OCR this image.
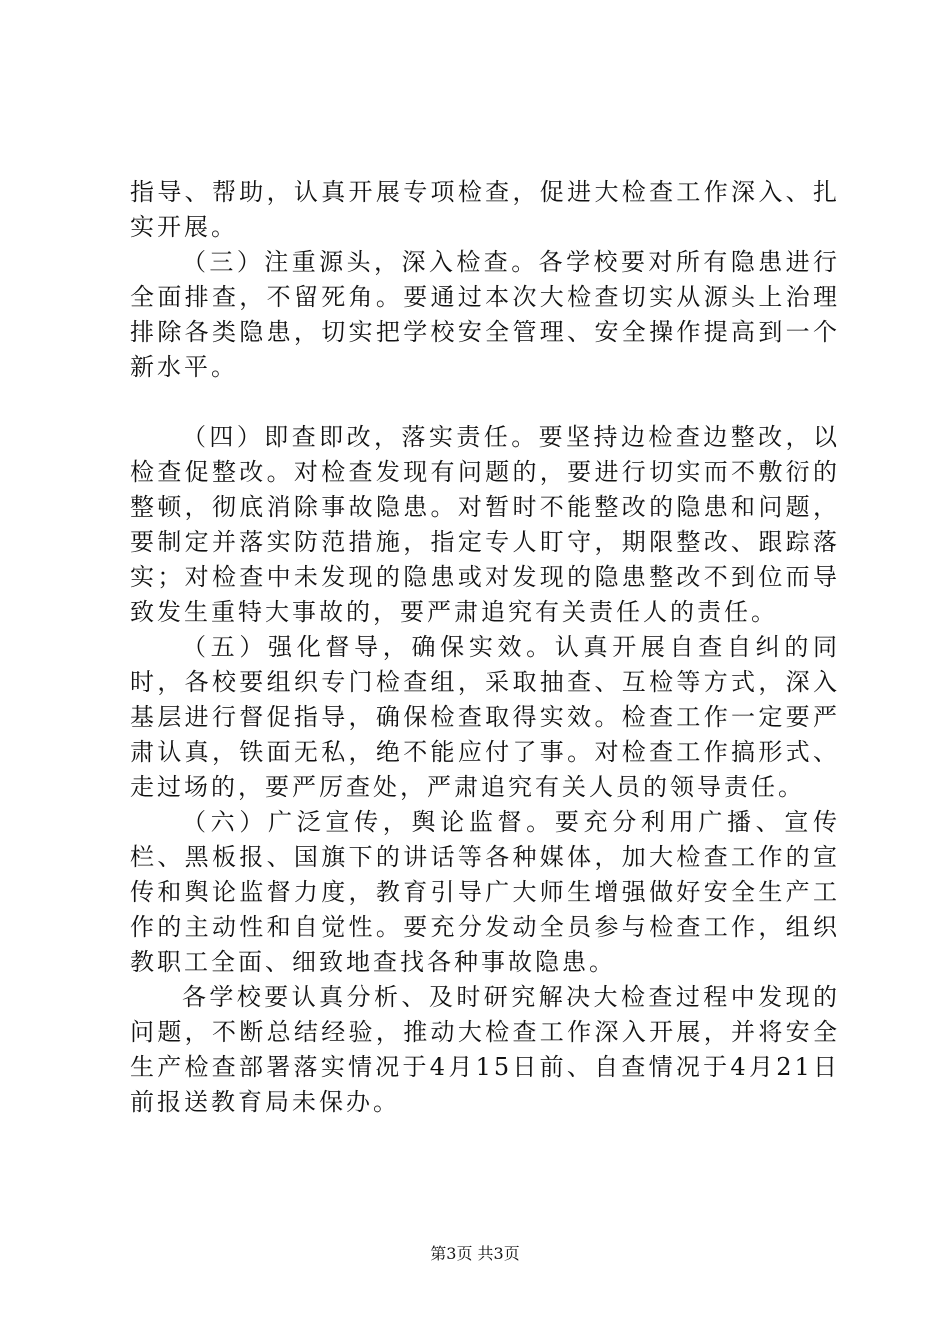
指导、帮助，认真开展专项检查，促进大检查工作深入、扎实开展。

（三）注重源头，深入检查。各学校要对所有隐患进行全面排查，不留死角。要通过本次大检查切实从源头上治理排除各类隐患，切实把学校安全管理、安全操作提高到一个新水平。

（四）即查即改，落实责任。要坚持边检查边整改，以检查促整改。对检查发现有问题的，要进行切实而不敷衍的整顿，彻底消除事故隐患。对暂时不能整改的隐患和问题，要制定并落实防范措施，指定专人盯守，期限整改、跟踪落实；对检查中未发现的隐患或对发现的隐患整改不到位而导致发生重特大事故的，要严肃追究有关责任人的责任。

（五）强化督导，确保实效。认真开展自查自纠的同时，各校要组织专门检查组，采取抽查、互检等方式，深入基层进行督促指导，确保检查取得实效。检查工作一定要严肃认真，铁面无私，绝不能应付了事。对检查工作搞形式、走过场的，要严厉查处，严肃追究有关人员的领导责任。

（六）广泛宣传，舆论监督。要充分利用广播、宣传栏、黑板报、国旗下的讲话等各种媒体，加大检查工作的宣传和舆论监督力度，教育引导广大师生增强做好安全生产工作的主动性和自觉性。要充分发动全员参与检查工作，组织教职工全面、细致地查找各种事故隐患。

各学校要认真分析、及时研究解决大检查过程中发现的问题，不断总结经验，推动大检查工作深入开展，并将安全生产检查部署落实情况于4月15日前、自查情况于4月21日前报送教育局未保办。

第3页 共3页
